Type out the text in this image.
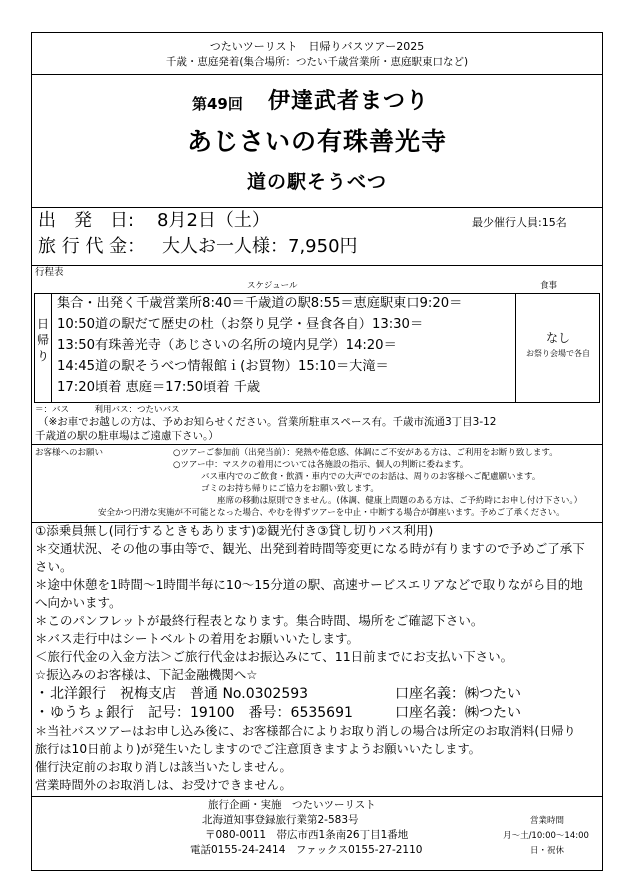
つたいツーリスト　日帰りバスツアー2025
千歳・恵庭発着(集合場所：つたい千歳営業所・恵庭駅東口など)
第49回 伊達武者まつり
あじさいの有珠善光寺
道の駅そうべつ
出　発　日: 8月2日（土）	最少催行人員:15名
旅 行 代 金： 大人お一人様：7,950円
行程表
スケジュール	食事
日帰り
集合・出発く千歳営業所8:40＝千歳道の駅8:55＝恵庭駅東口9:20＝
10:50道の駅だて歴史の杜（お祭り見学・昼食各自）13:30＝
13:50有珠善光寺（あじさいの名所の境内見学）14:20＝
14:45道の駅そうべつ情報館ｉ(お買物）15:10＝大滝＝
17:20頃着 恵庭＝17:50頃着 千歳
なし
お祭り会場で各自
＝：バス　　　利用バス：つたいバス
（※お車でお越しの方は、予めお知らせください。営業所駐車スペース有。千歳市流通3丁目3-12
千歳道の駅の駐車場はご遠慮下さい。）
お客様へのお願い	○ツアーご参加前（出発当前）：発熱や倦怠感、体調にご不安がある方は、ご利用をお断り致します。
○ツアー中：マスクの着用については各施設の指示、個人の判断に委ねます。
バス車内でのご飲食・飲酒・車内での大声でのお話は、周りのお客様へご配慮願います。
ゴミのお持ち帰りにご協力をお願い致します。
座席の移動は原則できません。(体調、健康上問題のある方は、ご予約時にお申し付け下さい。）
安全かつ円滑な実施が不可能となった場合、やむを得ずツアーを中止・中断する場合が御座います。予めご了承ください。
①添乗員無し(同行するときもあります)②観光付き③貸し切りバス利用)
＊交通状況、その他の事由等で、観光、出発到着時間等変更になる時が有りますので予めご了承下
さい。
＊途中休憩を1時間～1時間半毎に10～15分道の駅、高速サービスエリアなどで取りながら目的地
へ向かいます。
＊このパンフレットが最終行程表となります。集合時間、場所をご確認下さい。
＊バス走行中はシートベルトの着用をお願いいたします。
＜旅行代金の入金方法＞ご旅行代金はお振込みにて、11日前までにお支払い下さい。
☆振込みのお客様は、下記金融機関へ☆
・ 北洋銀行　祝梅支店　普通 No.0302593	口座名義：㈱つたい
・ ゆうちょ銀行　記号：19100　番号：6535691	口座名義：㈱つたい
＊当社バスツアーはお申し込み後に、お客様都合によりお取り消しの場合は所定のお取消料(日帰り
旅行は10日前より)が発生いたしますのでご注意頂きますようお願いいたします。
催行決定前のお取り消しは該当いたしません。
営業時間外のお取消しは、お受けできません。
旅行企画・実施　つたいツーリスト
北海道知事登録旅行業第2-583号
〒080-0011　帯広市西1条南26丁目1番地
電話0155-24-2414　ファックス0155-27-2110
営業時間
月～土/10:00～14:00
日・祝休
